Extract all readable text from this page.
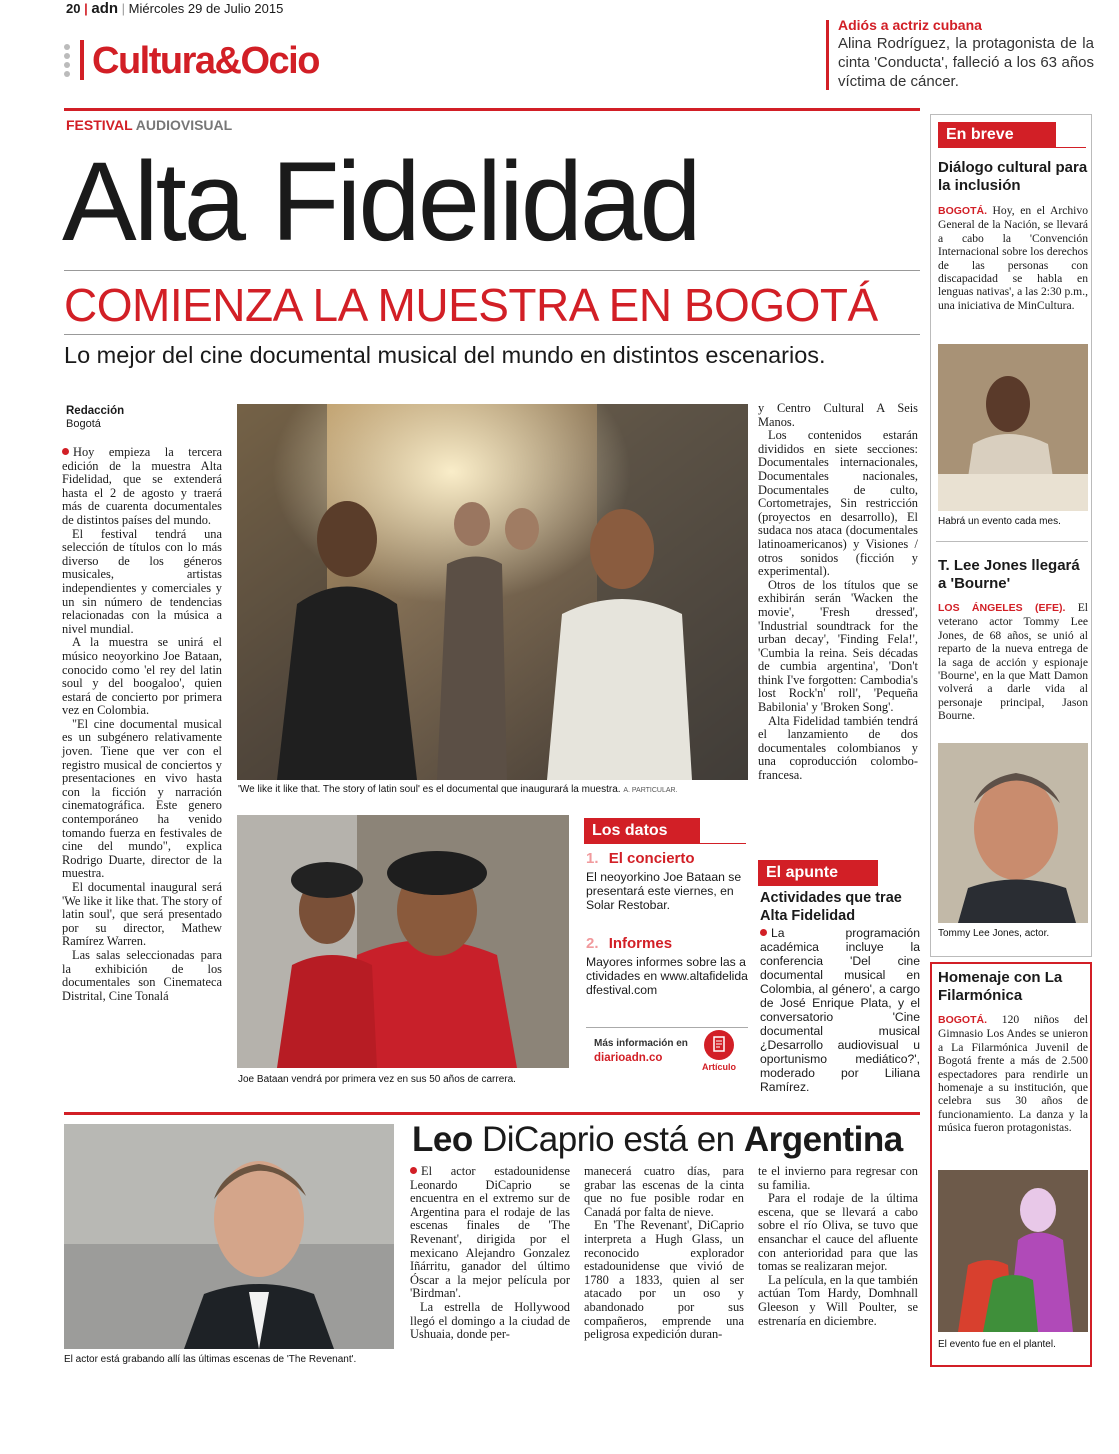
20 | adn | Miércoles 29 de Julio 2015
Cultura&Ocio
Adiós a actriz cubana
Alina Rodríguez, la protagonista de la cinta 'Conducta', falleció a los 63 años víctima de cáncer.
FESTIVAL AUDIOVISUAL
Alta Fidelidad
COMIENZA LA MUESTRA EN BOGOTÁ
Lo mejor del cine documental musical del mundo en distintos escenarios.
Redacción
Bogotá

Hoy empieza la tercera edición de la muestra Alta Fidelidad, que se extenderá hasta el 2 de agosto y traerá más de cuarenta documentales de distintos países del mundo.

El festival tendrá una selección de títulos con lo más diverso de los géneros musicales, artistas independientes y comerciales y un sin número de tendencias relacionadas con la música a nivel mundial.

A la muestra se unirá el músico neoyorkino Joe Bataan, conocido como 'el rey del latin soul y del boogaloo', quien estará de concierto por primera vez en Colombia.

"El cine documental musical es un subgénero relativamente joven. Tiene que ver con el registro musical de conciertos y presentaciones en vivo hasta con la ficción y narración cinematográfica. Este genero contemporáneo ha venido tomando fuerza en festivales de cine del mundo", explica Rodrigo Duarte, director de la muestra.

El documental inaugural será 'We like it like that. The story of latin soul', que será presentado por su director, Mathew Ramírez Warren.

Las salas seleccionadas para la exhibición de los documentales son Cinemateca Distrital, Cine Tonalá

'We like it like that. The story of latin soul' es el documental que inaugurará la muestra. A. PARTICULAR.

y Centro Cultural A Seis Manos.

Los contenidos estarán divididos en siete secciones: Documentales internacionales, Documentales nacionales, Documentales de culto, Cortometrajes, Sin restricción (proyectos en desarrollo), El sudaca nos ataca (documentales latinoamericanos) y Visiones / otros sonidos (ficción y experimental).

Otros de los títulos que se exhibirán serán 'Wacken the movie', 'Fresh dressed', 'Industrial soundtrack for the urban decay', 'Finding Fela!', 'Cumbia la reina. Seis décadas de cumbia argentina', 'Don't think I've forgotten: Cambodia's lost Rock'n' roll', 'Pequeña Babilonia' y 'Broken Song'.

Alta Fidelidad también tendrá el lanzamiento de dos documentales colombianos y una coproducción colombo-francesa.

Joe Bataan vendrá por primera vez en sus 50 años de carrera.
Los datos
1. El concierto
El neoyorkino Joe Bataan se presentará este viernes, en Solar Restobar.
2. Informes
Mayores informes sobre las actividades en www.altafidelidadfestival.com
Más información en
diarioadn.co
Artículo
El apunte
Actividades que trae Alta Fidelidad
La programación académica incluye la conferencia 'Del cine documental musical en Colombia, al género', a cargo de José Enrique Plata, y el conversatorio 'Cine documental musical ¿Desarrollo audiovisual u oportunismo mediático?', moderado por Liliana Ramírez.
El actor está grabando allí las últimas escenas de 'The Revenant'.
Leo DiCaprio está en Argentina

El actor estadounidense Leonardo DiCaprio se encuentra en el extremo sur de Argentina para el rodaje de las escenas finales de 'The Revenant', dirigida por el mexicano Alejandro Gonzalez Iñárritu, ganador del último Óscar a la mejor película por 'Birdman'.

La estrella de Hollywood llegó el domingo a la ciudad de Ushuaia, donde per-

manecerá cuatro días, para grabar las escenas de la cinta que no fue posible rodar en Canadá por falta de nieve.

En 'The Revenant', DiCaprio interpreta a Hugh Glass, un reconocido explorador estadounidense que vivió de 1780 a 1833, quien al ser atacado por un oso y abandonado por sus compañeros, emprende una peligrosa expedición duran-

te el invierno para regresar con su familia.

Para el rodaje de la última escena, que se llevará a cabo sobre el río Oliva, se tuvo que ensanchar el cauce del afluente con anterioridad para que las tomas se realizaran mejor.

La película, en la que también actúan Tom Hardy, Domhnall Gleeson y Will Poulter, se estrenaría en diciembre.

En breve
Diálogo cultural para la inclusión
BOGOTÁ. Hoy, en el Archivo General de la Nación, se llevará a cabo la 'Convención Internacional sobre los derechos de las personas con discapacidad se habla en lenguas nativas', a las 2:30 p.m., una iniciativa de MinCultura.
Habrá un evento cada mes.
T. Lee Jones llegará a 'Bourne'
LOS ÁNGELES (EFE). El veterano actor Tommy Lee Jones, de 68 años, se unió al reparto de la nueva entrega de la saga de acción y espionaje 'Bourne', en la que Matt Damon volverá a darle vida al personaje principal, Jason Bourne.
Tommy Lee Jones, actor.
Homenaje con La Filarmónica
BOGOTÁ. 120 niños del Gimnasio Los Andes se unieron a La Filarmónica Juvenil de Bogotá frente a más de 2.500 espectadores para rendirle un homenaje a su institución, que celebra sus 30 años de funcionamiento. La danza y la música fueron protagonistas.
El evento fue en el plantel.
